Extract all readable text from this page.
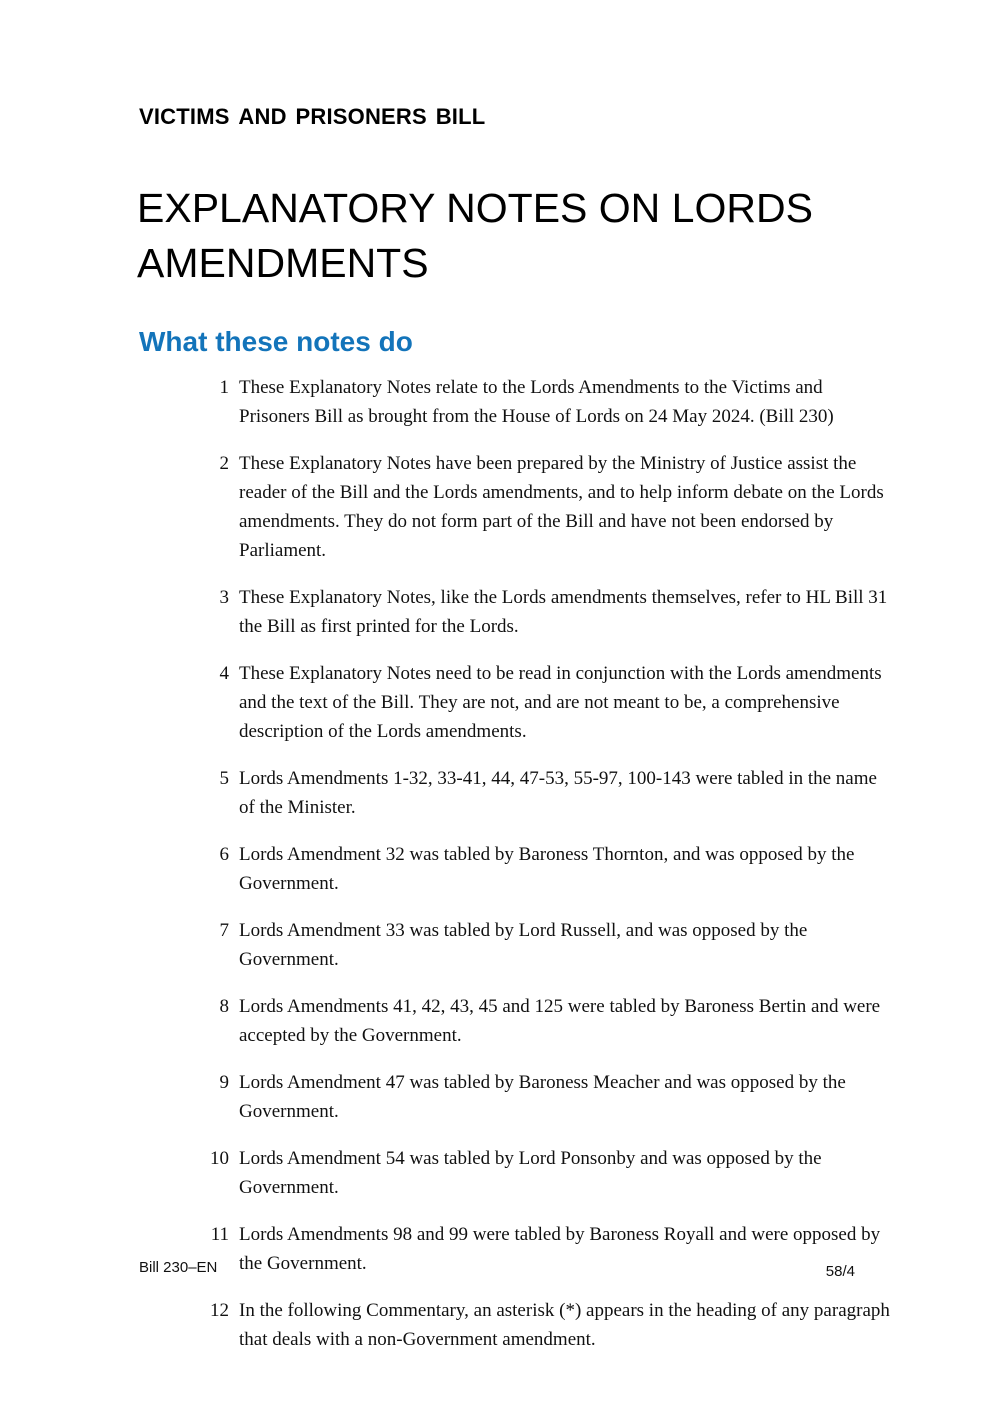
victims and prisoners bill
EXPLANATORY NOTES ON LORDS AMENDMENTS
What these notes do
1 These Explanatory Notes relate to the Lords Amendments to the Victims and Prisoners Bill as brought from the House of Lords on 24 May 2024. (Bill 230)
2 These Explanatory Notes have been prepared by the Ministry of Justice assist the reader of the Bill and the Lords amendments, and to help inform debate on the Lords amendments. They do not form part of the Bill and have not been endorsed by Parliament.
3 These Explanatory Notes, like the Lords amendments themselves, refer to HL Bill 31 the Bill as first printed for the Lords.
4 These Explanatory Notes need to be read in conjunction with the Lords amendments and the text of the Bill. They are not, and are not meant to be, a comprehensive description of the Lords amendments.
5 Lords Amendments 1-32, 33-41, 44, 47-53, 55-97, 100-143 were tabled in the name of the Minister.
6 Lords Amendment 32 was tabled by Baroness Thornton, and was opposed by the Government.
7 Lords Amendment 33 was tabled by Lord Russell, and was opposed by the Government.
8 Lords Amendments 41, 42, 43, 45 and 125 were tabled by Baroness Bertin and were accepted by the Government.
9 Lords Amendment 47 was tabled by Baroness Meacher and was opposed by the Government.
10 Lords Amendment 54 was tabled by Lord Ponsonby and was opposed by the Government.
11 Lords Amendments 98 and 99 were tabled by Baroness Royall and were opposed by the Government.
12 In the following Commentary, an asterisk (*) appears in the heading of any paragraph that deals with a non-Government amendment.
Bill 230–EN	58/4
